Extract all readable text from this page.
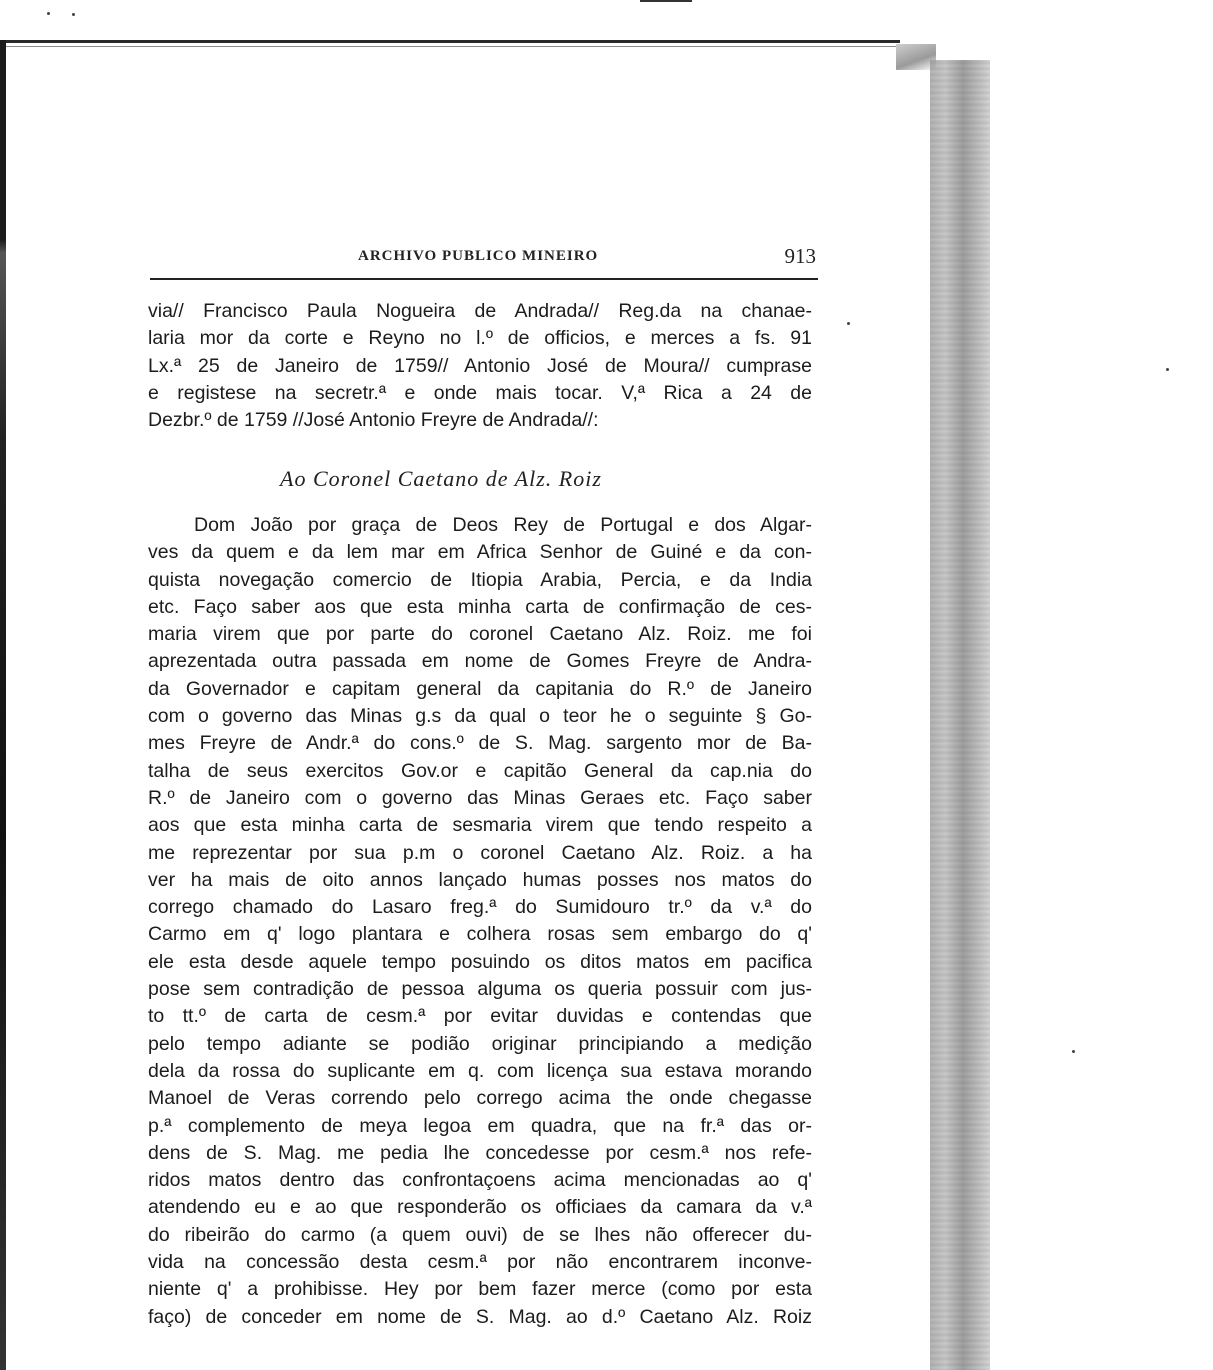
ARCHIVO PUBLICO MINEIRO	913
via// Francisco Paula Nogueira de Andrada// Reg.da na chanae-
laria mor da corte e Reyno no l.º de officios, e merces a fs. 91
Lx.ª 25 de Janeiro de 1759// Antonio José de Moura// cumprase
e registese na secretr.ª e onde mais tocar. V,ª Rica a 24 de
Dezbr.º de 1759 //José Antonio Freyre de Andrada//:
Ao Coronel Caetano de Alz. Roiz
Dom João por graça de Deos Rey de Portugal e dos Algar-
ves da quem e da lem mar em Africa Senhor de Guiné e da con-
quista novegação comercio de Itiopia Arabia, Percia, e da India
etc. Faço saber aos que esta minha carta de confirmação de ces-
maria virem que por parte do coronel Caetano Alz. Roiz. me foi
aprezentada outra passada em nome de Gomes Freyre de Andra-
da Governador e capitam general da capitania do R.º de Janeiro
com o governo das Minas g.s da qual o teor he o seguinte § Go-
mes Freyre de Andr.ª do cons.º de S. Mag. sargento mor de Ba-
talha de seus exercitos Gov.or e capitão General da cap.nia do
R.º de Janeiro com o governo das Minas Geraes etc. Faço saber
aos que esta minha carta de sesmaria virem que tendo respeito a
me reprezentar por sua p.m o coronel Caetano Alz. Roiz. a ha
ver ha mais de oito annos lançado humas posses nos matos do
corrego chamado do Lasaro freg.ª do Sumidouro tr.º da v.ª do
Carmo em q' logo plantara e colhera rosas sem embargo do q'
ele esta desde aquele tempo posuindo os ditos matos em pacifica
pose sem contradição de pessoa alguma os queria possuir com jus-
to tt.º de carta de cesm.ª por evitar duvidas e contendas que
pelo tempo adiante se podião originar principiando a medição
dela da rossa do suplicante em q. com licença sua estava morando
Manoel de Veras correndo pelo corrego acima the onde chegasse
p.ª complemento de meya legoa em quadra, que na fr.ª das or-
dens de S. Mag. me pedia lhe concedesse por cesm.ª nos refe-
ridos matos dentro das confrontaçoens acima mencionadas ao q'
atendendo eu e ao que responderão os officiaes da camara da v.ª
do ribeirão do carmo (a quem ouvi) de se lhes não offerecer du-
vida na concessão desta cesm.ª por não encontrarem inconve-
niente q' a prohibisse. Hey por bem fazer merce (como por esta
faço) de conceder em nome de S. Mag. ao d.º Caetano Alz. Roiz
